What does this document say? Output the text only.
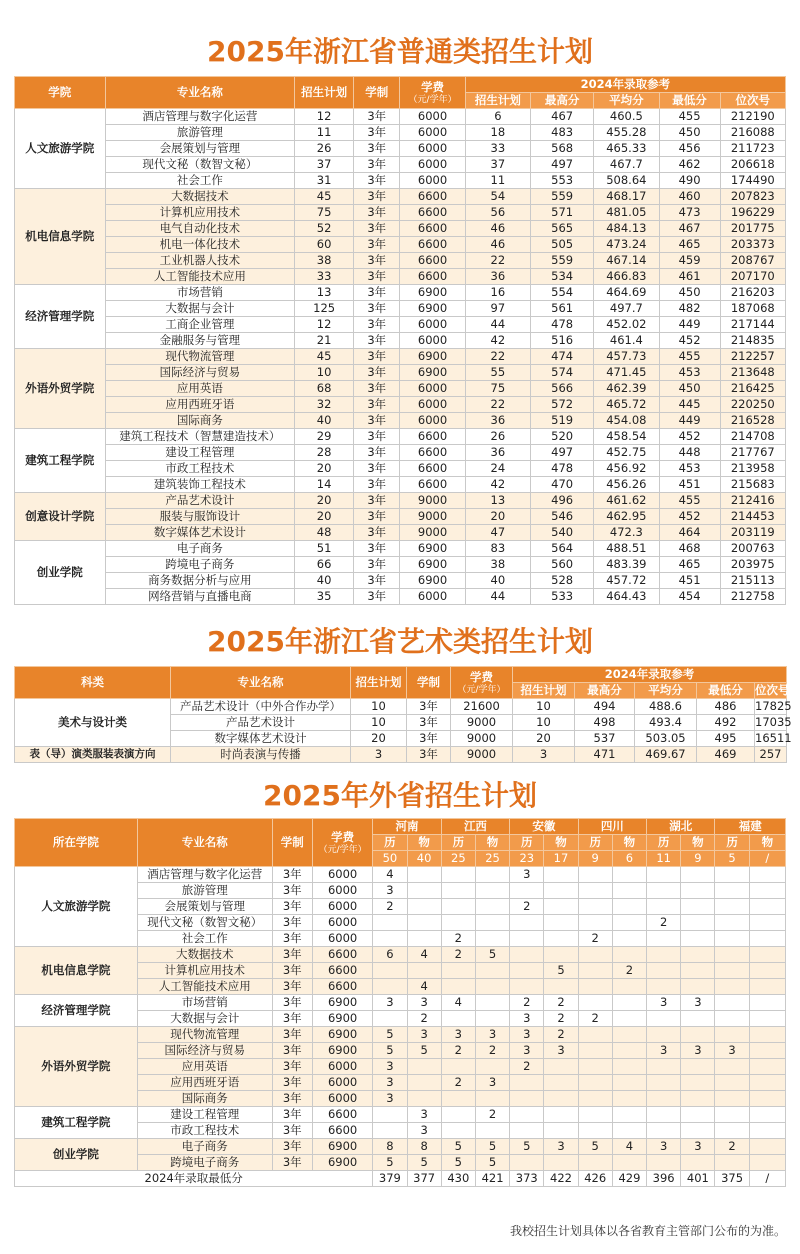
2025年浙江省普通类招生计划
学院	专业名称	招生计划	学制	学费
（元/学年）	2024年录取参考				
					招生计划	最高分	平均分	最低分	位次号
人文旅游学院	酒店管理与数字化运营	12	3年	6000	6	467	460.5	455	212190
	旅游管理	11	3年	6000	18	483	455.28	450	216088
	会展策划与管理	26	3年	6000	33	568	465.33	456	211723
	现代文秘（数智文秘）	37	3年	6000	37	497	467.7	462	206618
	社会工作	31	3年	6000	11	553	508.64	490	174490
机电信息学院	大数据技术	45	3年	6600	54	559	468.17	460	207823
	计算机应用技术	75	3年	6600	56	571	481.05	473	196229
	电气自动化技术	52	3年	6600	46	565	484.13	467	201775
	机电一体化技术	60	3年	6600	46	505	473.24	465	203373
	工业机器人技术	38	3年	6600	22	559	467.14	459	208767
	人工智能技术应用	33	3年	6600	36	534	466.83	461	207170
经济管理学院	市场营销	13	3年	6900	16	554	464.69	450	216203
	大数据与会计	125	3年	6900	97	561	497.7	482	187068
	工商企业管理	12	3年	6000	44	478	452.02	449	217144
	金融服务与管理	21	3年	6000	42	516	461.4	452	214835
外语外贸学院	现代物流管理	45	3年	6900	22	474	457.73	455	212257
	国际经济与贸易	10	3年	6900	55	574	471.45	453	213648
	应用英语	68	3年	6000	75	566	462.39	450	216425
	应用西班牙语	32	3年	6000	22	572	465.72	445	220250
	国际商务	40	3年	6000	36	519	454.08	449	216528
建筑工程学院	建筑工程技术（智慧建造技术）	29	3年	6600	26	520	458.54	452	214708
	建设工程管理	28	3年	6600	36	497	452.75	448	217767
	市政工程技术	20	3年	6600	24	478	456.92	453	213958
	建筑装饰工程技术	14	3年	6600	42	470	456.26	451	215683
创意设计学院	产品艺术设计	20	3年	9000	13	496	461.62	455	212416
	服装与服饰设计	20	3年	9000	20	546	462.95	452	214453
	数字媒体艺术设计	48	3年	9000	47	540	472.3	464	203119
创业学院	电子商务	51	3年	6900	83	564	488.51	468	200763
	跨境电子商务	66	3年	6900	38	560	483.39	465	203975
	商务数据分析与应用	40	3年	6900	40	528	457.72	451	215113
	网络营销与直播电商	35	3年	6000	44	533	464.43	454	212758
2025年浙江省艺术类招生计划
科类	专业名称	招生计划	学制	学费
（元/学年）	2024年录取参考				
					招生计划	最高分	平均分	最低分	位次号
美术与设计类	产品艺术设计（中外合作办学）	10	3年	21600	10	494	488.6	486	17825
	产品艺术设计	10	3年	9000	10	498	493.4	492	17035
	数字媒体艺术设计	20	3年	9000	20	537	503.05	495	16511
表（导）演类服装表演方向	时尚表演与传播	3	3年	9000	3	471	469.67	469	257
2025年外省招生计划
所在学院	专业名称	学制	学费
（元/学年）	河南		江西		安徽		四川		湖北		福建	
				历	物	历	物	历	物	历	物	历	物	历	物
				50	40	25	25	23	17	9	6	11	9	5	/
人文旅游学院	酒店管理与数字化运营	3年	6000	4				3							
	旅游管理	3年	6000	3											
	会展策划与管理	3年	6000	2				2							
	现代文秘（数智文秘）	3年	6000									2			
	社会工作	3年	6000			2				2					
机电信息学院	大数据技术	3年	6600	6	4	2	5								
	计算机应用技术	3年	6600						5		2				
	人工智能技术应用	3年	6600		4										
经济管理学院	市场营销	3年	6900	3	3	4		2	2			3	3		
	大数据与会计	3年	6900		2			3	2	2					
外语外贸学院	现代物流管理	3年	6900	5	3	3	3	3	2						
	国际经济与贸易	3年	6900	5	5	2	2	3	3			3	3	3	
	应用英语	3年	6000	3				2							
	应用西班牙语	3年	6000	3		2	3								
	国际商务	3年	6000	3											
建筑工程学院	建设工程管理	3年	6600		3		2								
	市政工程技术	3年	6600		3										
创业学院	电子商务	3年	6900	8	8	5	5	5	3	5	4	3	3	2	
	跨境电子商务	3年	6900	5	5	5	5								
2024年录取最低分				379	377	430	421	373	422	426	429	396	401	375	/
我校招生计划具体以各省教育主管部门公布的为准。
